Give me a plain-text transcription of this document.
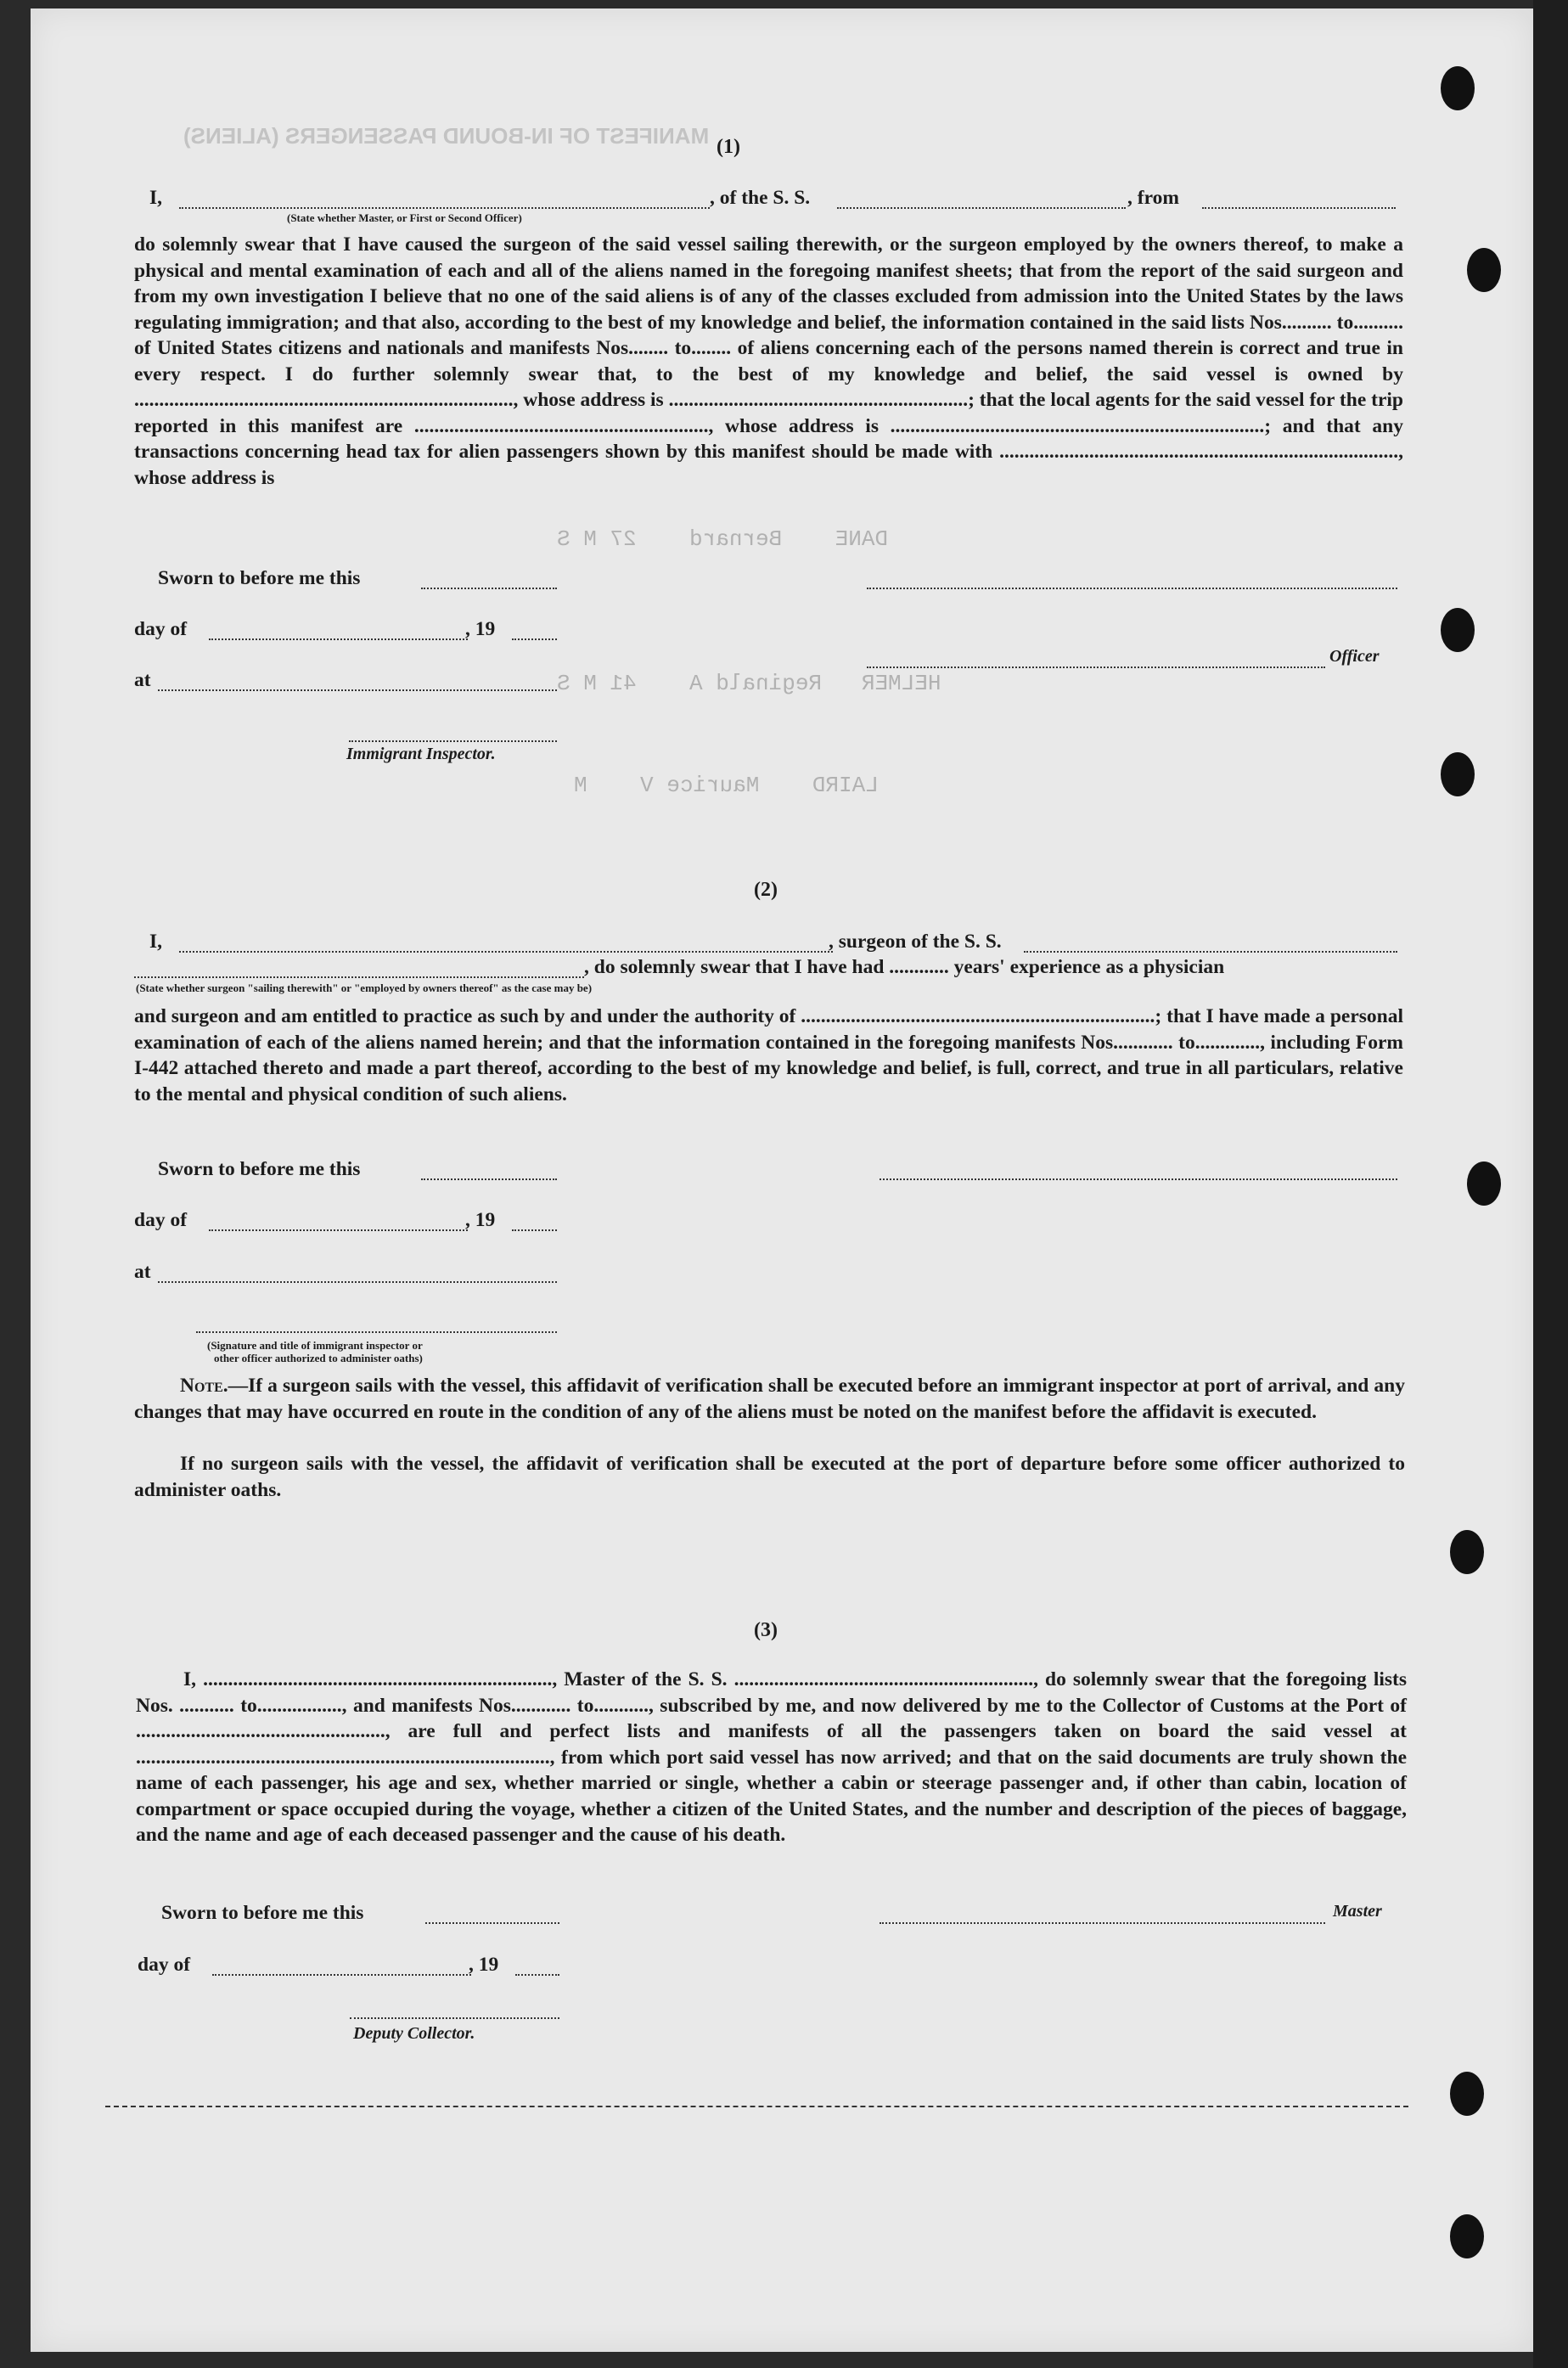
MANIFEST OF IN-BOUND PASSENGERS (ALIENS)
DANE    Bernard    27 M S
HELMER   Reginald A    41 M S
LAIRD    Maurice V    M
(1)
I,	, of the S. S.	, from
(State whether Master, or First or Second Officer)
do solemnly swear that I have caused the surgeon of the said vessel sailing therewith, or the surgeon employed by the owners thereof, to make a physical and mental examination of each and all of the aliens named in the foregoing manifest sheets; that from the report of the said surgeon and from my own investigation I believe that no one of the said aliens is of any of the classes excluded from admission into the United States by the laws regulating immigration; and that also, according to the best of my knowledge and belief, the information contained in the said lists Nos.......... to.......... of United States citizens and nationals and manifests Nos........ to........ of aliens concerning each of the persons named therein is correct and true in every respect. I do further solemnly swear that, to the best of my knowledge and belief, the said vessel is owned by ............................................................................, whose address is ............................................................; that the local agents for the said vessel for the trip reported in this manifest are ..........................................................., whose address is ...........................................................................; and that any transactions concerning head tax for alien passengers shown by this manifest should be made with ................................................................................, whose address is
Sworn to before me this
day of	, 19
Officer
at
Immigrant Inspector.
(2)
I,	, surgeon of the S. S.
, do solemnly swear that I have had ............ years' experience as a physician
(State whether surgeon "sailing therewith" or "employed by owners thereof" as the case may be)
and surgeon and am entitled to practice as such by and under the authority of .......................................................................; that I have made a personal examination of each of the aliens named herein; and that the information contained in the foregoing manifests Nos............ to............., including Form I-442 attached thereto and made a part thereof, according to the best of my knowledge and belief, is full, correct, and true in all particulars, relative to the mental and physical condition of such aliens.
Sworn to before me this
day of	, 19
at
(Signature and title of immigrant inspector or
other officer authorized to administer oaths)
Note.—If a surgeon sails with the vessel, this affidavit of verification shall be executed before an immigrant inspector at port of arrival, and any changes that may have occurred en route in the condition of any of the aliens must be noted on the manifest before the affidavit is executed.
If no surgeon sails with the vessel, the affidavit of verification shall be executed at the port of departure before some officer authorized to administer oaths.
(3)
I, ......................................................................, Master of the S. S. ............................................................, do solemnly swear that the foregoing lists Nos. ........... to................., and manifests Nos............ to..........., subscribed by me, and now delivered by me to the Collector of Customs at the Port of .................................................., are full and perfect lists and manifests of all the passengers taken on board the said vessel at ..................................................................................., from which port said vessel has now arrived; and that on the said documents are truly shown the name of each passenger, his age and sex, whether married or single, whether a cabin or steerage passenger and, if other than cabin, location of compartment or space occupied during the voyage, whether a citizen of the United States, and the number and description of the pieces of baggage, and the name and age of each deceased passenger and the cause of his death.
Sworn to before me this	Master
day of	, 19
Deputy Collector.
